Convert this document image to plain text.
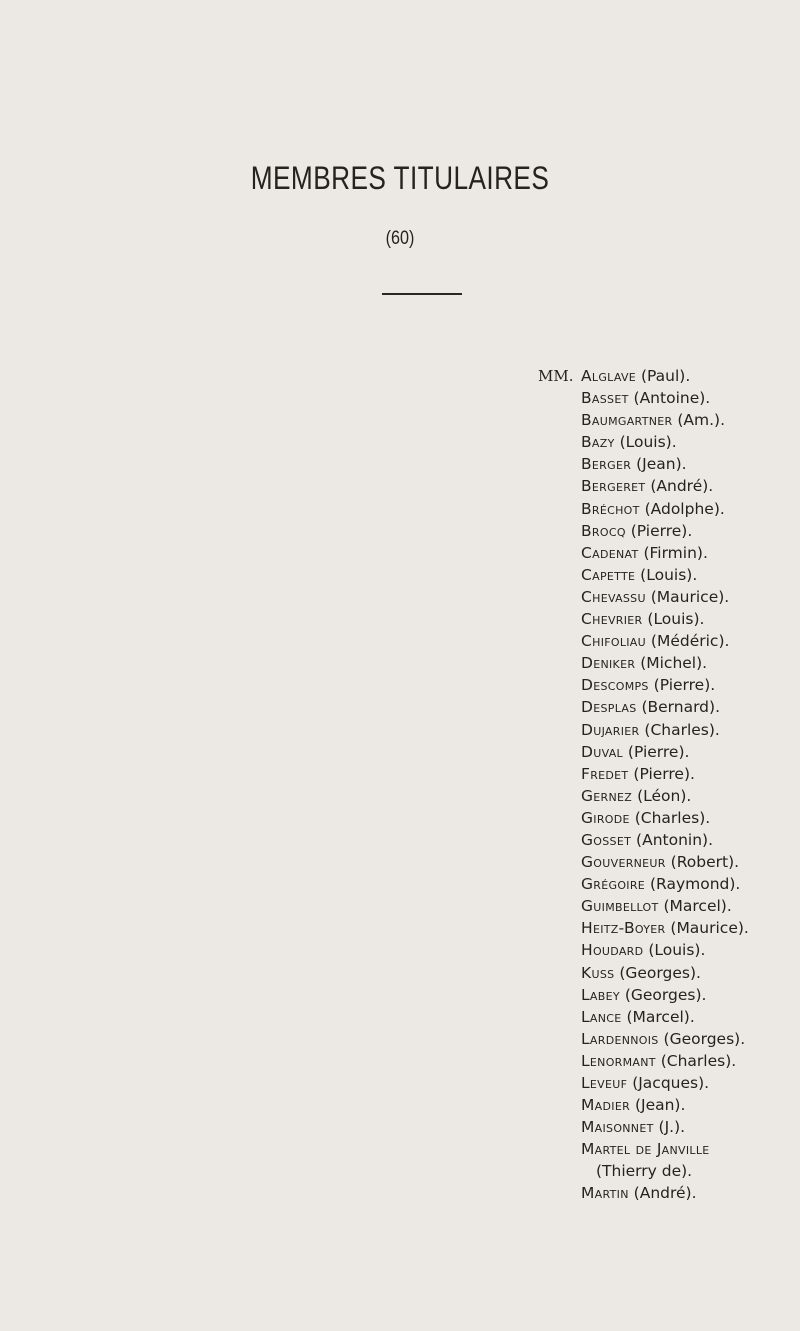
MEMBRES TITULAIRES
(60)
MM. Alglave (Paul).
Basset (Antoine).
Baumgartner (Am.).
Bazy (Louis).
Berger (Jean).
Bergeret (André).
Bréchot (Adolphe).
Brocq (Pierre).
Cadenat (Firmin).
Capette (Louis).
Chevassu (Maurice).
Chevrier (Louis).
Chifoliau (Médéric).
Deniker (Michel).
Descomps (Pierre).
Desplas (Bernard).
Dujarier (Charles).
Duval (Pierre).
Fredet (Pierre).
Gernez (Léon).
Girode (Charles).
Gosset (Antonin).
Gouverneur (Robert).
Grégoire (Raymond).
Guimbellot (Marcel).
Heitz-Boyer (Maurice).
Houdard (Louis).
Kuss (Georges).
Labey (Georges).
Lance (Marcel).
Lardennois (Georges).
Lenormant (Charles).
Leveuf (Jacques).
Madier (Jean).
Maisonnet (J.).
Martel de Janville
(Thierry de).
Martin (André).
